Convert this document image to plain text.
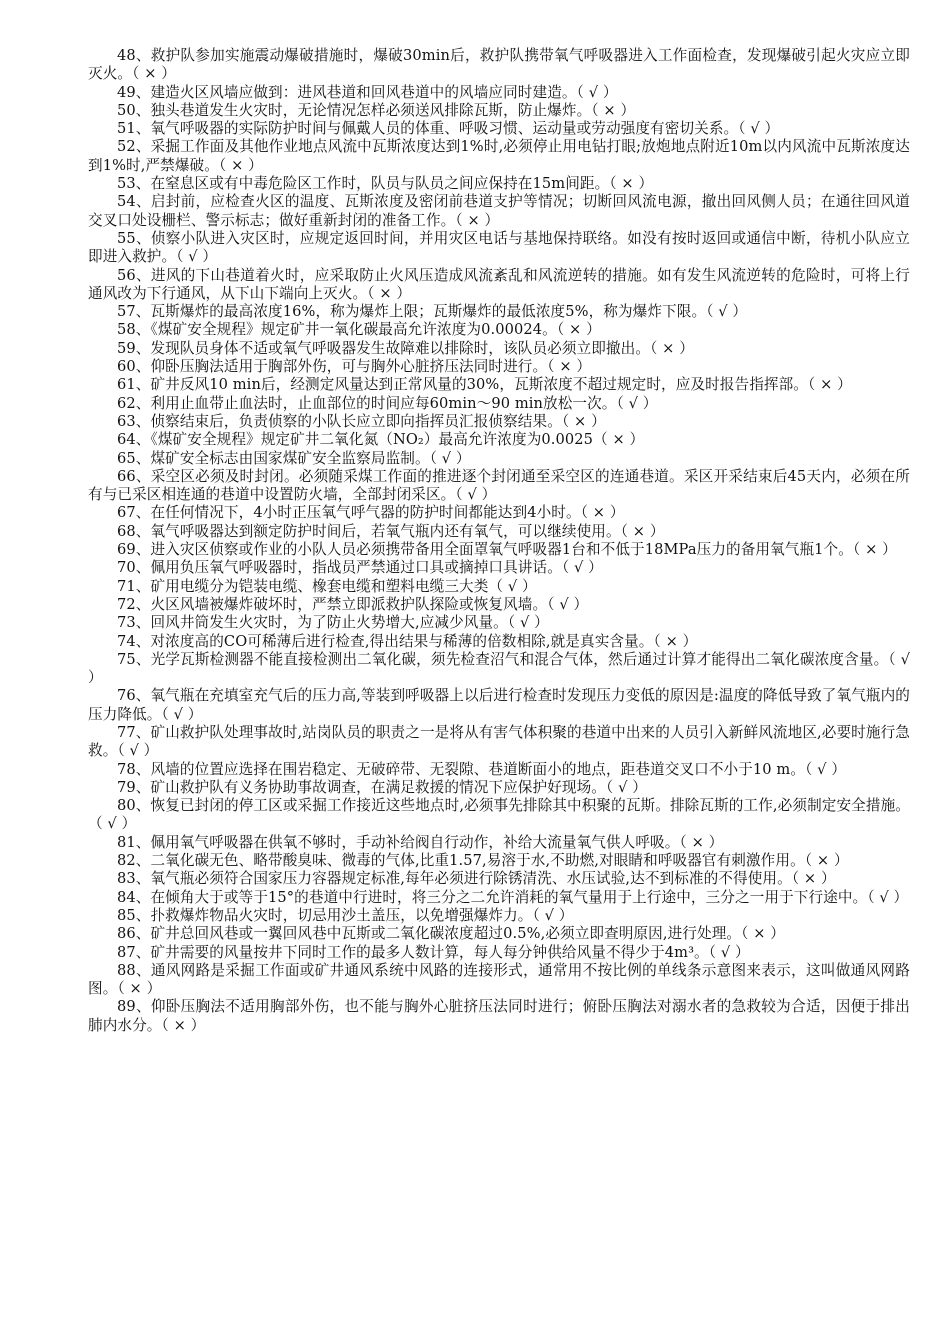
48、救护队参加实施震动爆破措施时，爆破30min后，救护队携带氧气呼吸器进入工作面检查，发现爆破引起火灾应立即灭火。（ × ）

49、建造火区风墙应做到：进风巷道和回风巷道中的风墙应同时建造。（ √ ）

50、独头巷道发生火灾时，无论情况怎样必须送风排除瓦斯，防止爆炸。（ × ）

51、氧气呼吸器的实际防护时间与佩戴人员的体重、呼吸习惯、运动量或劳动强度有密切关系。（ √ ）

52、采掘工作面及其他作业地点风流中瓦斯浓度达到1%时,必须停止用电钻打眼;放炮地点附近10m以内风流中瓦斯浓度达到1%时,严禁爆破。（ × ）

53、在窒息区或有中毒危险区工作时，队员与队员之间应保持在15m间距。（ × ）

54、启封前，应检查火区的温度、瓦斯浓度及密闭前巷道支护等情况；切断回风流电源，撤出回风侧人员；在通往回风道交叉口处设栅栏、警示标志；做好重新封闭的准备工作。（ × ）

55、侦察小队进入灾区时，应规定返回时间，并用灾区电话与基地保持联络。如没有按时返回或通信中断，待机小队应立即进入救护。（ √ ）

56、进风的下山巷道着火时，应采取防止火风压造成风流紊乱和风流逆转的措施。如有发生风流逆转的危险时，可将上行通风改为下行通风，从下山下端向上灭火。（ × ）

57、瓦斯爆炸的最高浓度16%，称为爆炸上限；瓦斯爆炸的最低浓度5%，称为爆炸下限。（ √ ）

58、《煤矿安全规程》规定矿井一氧化碳最高允许浓度为0.00024。（ × ）

59、发现队员身体不适或氧气呼吸器发生故障难以排除时，该队员必须立即撤出。（ × ）

60、仰卧压胸法适用于胸部外伤，可与胸外心脏挤压法同时进行。（ × ）

61、矿井反风10 min后，经测定风量达到正常风量的30%，瓦斯浓度不超过规定时，应及时报告指挥部。（ × ）

62、利用止血带止血法时，止血部位的时间应每60min～90 min放松一次。（ √ ）

63、侦察结束后，负责侦察的小队长应立即向指挥员汇报侦察结果。（ × ）

64、《煤矿安全规程》规定矿井二氧化氮（NO₂）最高允许浓度为0.0025（ × ）

65、煤矿安全标志由国家煤矿安全监察局监制。（ √ ）

66、采空区必须及时封闭。必须随采煤工作面的推进逐个封闭通至采空区的连通巷道。采区开采结束后45天内，必须在所有与已采区相连通的巷道中设置防火墙，全部封闭采区。（ √ ）

67、在任何情况下，4小时正压氧气呼气器的防护时间都能达到4小时。（ × ）

68、氧气呼吸器达到额定防护时间后，若氧气瓶内还有氧气，可以继续使用。（ × ）

69、进入灾区侦察或作业的小队人员必须携带备用全面罩氧气呼吸器1台和不低于18MPa压力的备用氧气瓶1个。（ × ）

70、佩用负压氧气呼吸器时，指战员严禁通过口具或摘掉口具讲话。（ √ ）

71、矿用电缆分为铠装电缆、橡套电缆和塑料电缆三大类（ √ ）

72、火区风墙被爆炸破坏时，严禁立即派救护队探险或恢复风墙。（ √ ）

73、回风井筒发生火灾时，为了防止火势增大,应减少风量。（ √ ）

74、对浓度高的CO可稀薄后进行检查,得出结果与稀薄的倍数相除,就是真实含量。（ × ）

75、光学瓦斯检测器不能直接检测出二氧化碳，须先检查沼气和混合气体，然后通过计算才能得出二氧化碳浓度含量。（ √ ）

76、氧气瓶在充填室充气后的压力高,等装到呼吸器上以后进行检查时发现压力变低的原因是:温度的降低导致了氧气瓶内的压力降低。（ √ ）

77、矿山救护队处理事故时,站岗队员的职责之一是将从有害气体积聚的巷道中出来的人员引入新鲜风流地区,必要时施行急救。（ √ ）

78、风墙的位置应选择在围岩稳定、无破碎带、无裂隙、巷道断面小的地点，距巷道交叉口不小于10 m。（ √ ）

79、矿山救护队有义务协助事故调查，在满足救援的情况下应保护好现场。（ √ ）

80、恢复已封闭的停工区或采掘工作接近这些地点时,必须事先排除其中积聚的瓦斯。排除瓦斯的工作,必须制定安全措施。（ √ ）

81、佩用氧气呼吸器在供氧不够时，手动补给阀自行动作，补给大流量氧气供人呼吸。（ × ）

82、二氧化碳无色、略带酸臭味、微毒的气体,比重1.57,易溶于水,不助燃,对眼睛和呼吸器官有刺激作用。（ × ）

83、氧气瓶必须符合国家压力容器规定标准,每年必须进行除锈清洗、水压试验,达不到标准的不得使用。（ × ）

84、在倾角大于或等于15°的巷道中行进时，将三分之二允许消耗的氧气量用于上行途中，三分之一用于下行途中。（ √ ）

85、扑救爆炸物品火灾时，切忌用沙土盖压，以免增强爆炸力。（ √ ）

86、矿井总回风巷或一翼回风巷中瓦斯或二氧化碳浓度超过0.5%,必须立即查明原因,进行处理。（ × ）

87、矿井需要的风量按井下同时工作的最多人数计算，每人每分钟供给风量不得少于4m³。（ √ ）

88、通风网路是采掘工作面或矿井通风系统中风路的连接形式，通常用不按比例的单线条示意图来表示，这叫做通风网路图。（ × ）

89、仰卧压胸法不适用胸部外伤，也不能与胸外心脏挤压法同时进行；俯卧压胸法对溺水者的急救较为合适，因便于排出肺内水分。（ × ）
